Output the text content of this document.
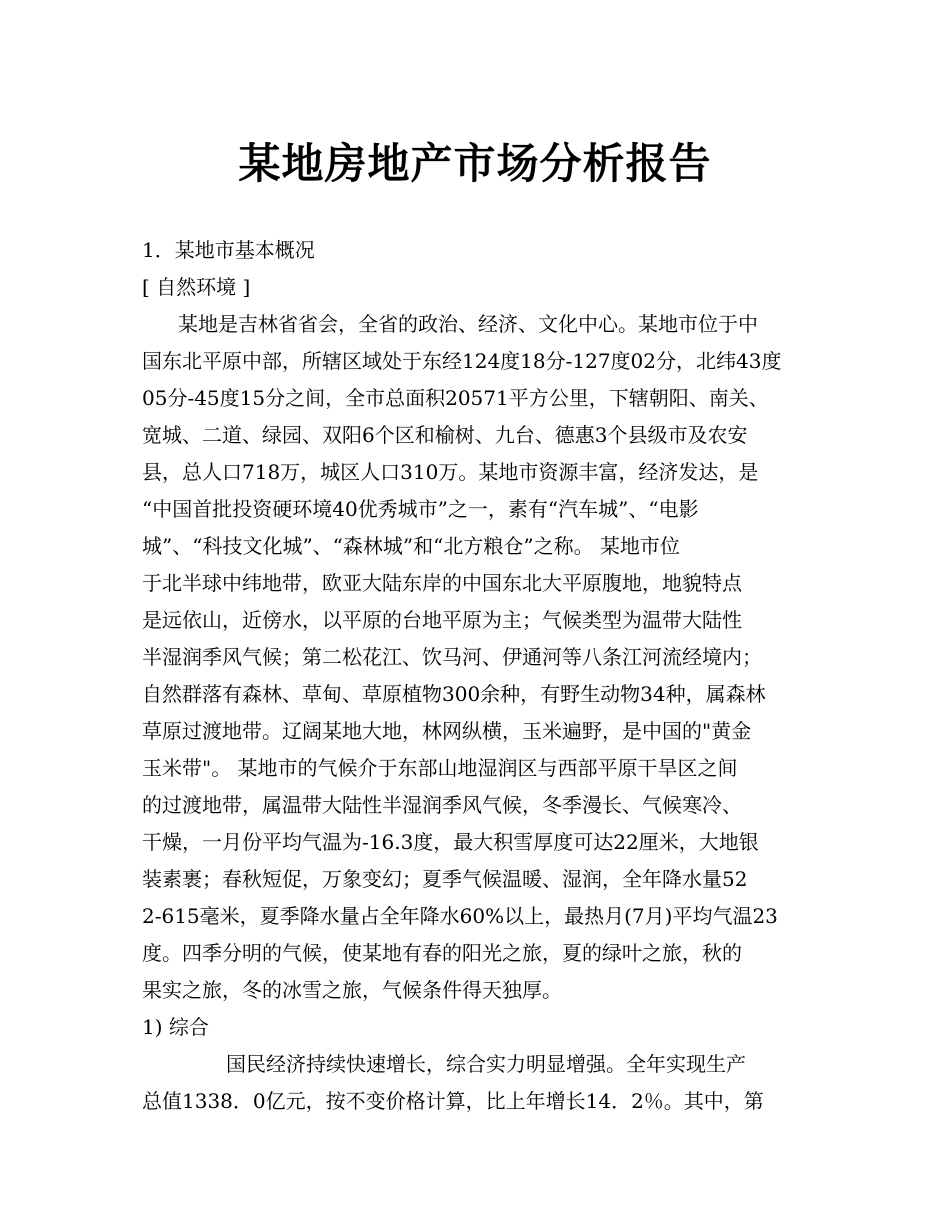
某地房地产市场分析报告
1．某地市基本概况
[ 自然环境 ]
某地是吉林省省会，全省的政治、经济、文化中心。某地市位于中
国东北平原中部，所辖区域处于东经124度18分-127度02分，北纬43度
05分-45度15分之间，全市总面积20571平方公里，下辖朝阳、南关、
宽城、二道、绿园、双阳6个区和榆树、九台、德惠3个县级市及农安
县，总人口718万，城区人口310万。某地市资源丰富，经济发达，是
“中国首批投资硬环境40优秀城市”之一，素有“汽车城”、“电影
城”、“科技文化城”、“森林城”和“北方粮仓”之称。 某地市位
于北半球中纬地带，欧亚大陆东岸的中国东北大平原腹地，地貌特点
是远依山，近傍水，以平原的台地平原为主；气候类型为温带大陆性
半湿润季风气候；第二松花江、饮马河、伊通河等八条江河流经境内；
自然群落有森林、草甸、草原植物300余种，有野生动物34种，属森林
草原过渡地带。辽阔某地大地，林网纵横，玉米遍野，是中国的"黄金
玉米带"。 某地市的气候介于东部山地湿润区与西部平原干旱区之间
的过渡地带，属温带大陆性半湿润季风气候，冬季漫长、气候寒冷、
干燥，一月份平均气温为-16.3度，最大积雪厚度可达22厘米，大地银
装素裹；春秋短促，万象变幻；夏季气候温暖、湿润，全年降水量52
2-615毫米，夏季降水量占全年降水60%以上，最热月(7月)平均气温23
度。四季分明的气候，使某地有春的阳光之旅，夏的绿叶之旅，秋的
果实之旅，冬的冰雪之旅，气候条件得天独厚。
1) 综合
国民经济持续快速增长，综合实力明显增强。全年实现生产
总值1338．0亿元，按不变价格计算，比上年增长14．2％。其中，第
